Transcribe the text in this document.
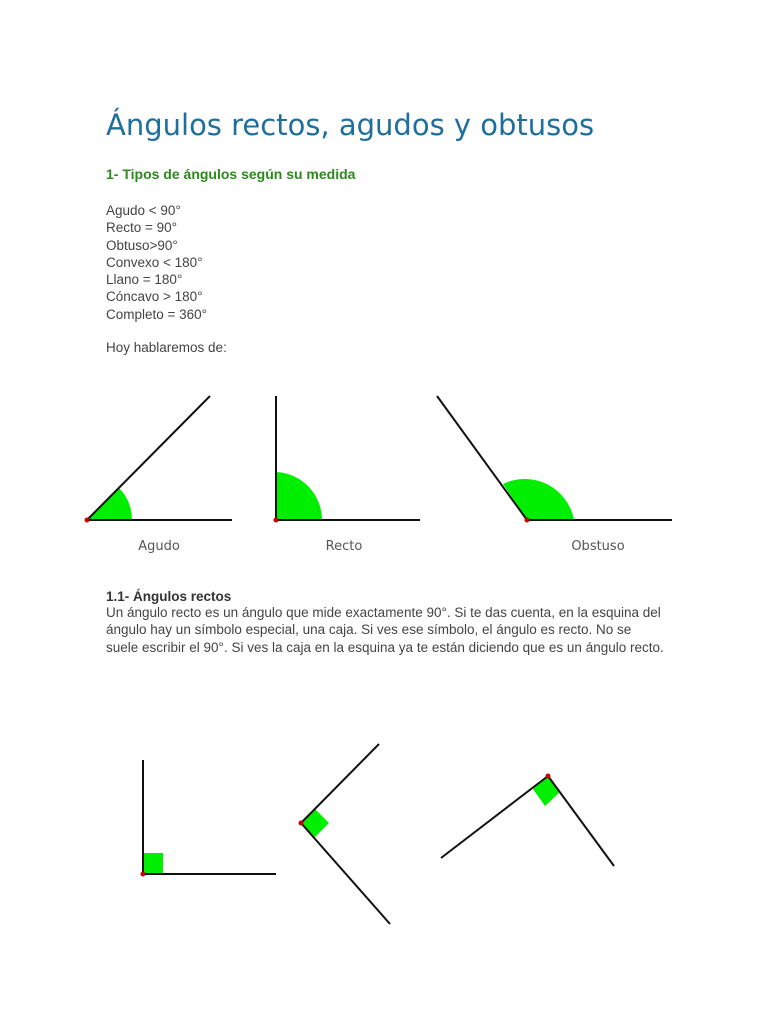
Ángulos rectos, agudos y obtusos
1- Tipos de ángulos según su medida
Agudo < 90°
Recto = 90°
Obtuso>90°
Convexo < 180°
Llano = 180°
Cóncavo > 180°
Completo = 360°

Hoy hablaremos de:

Agudo	Recto	Obstuso
1.1- Ángulos rectos

Un ángulo recto es un ángulo que mide exactamente 90°. Si te das cuenta, en la esquina del ángulo hay un símbolo especial, una caja. Si ves ese símbolo, el ángulo es recto. No se suele escribir el 90°. Si ves la caja en la esquina ya te están diciendo que es un ángulo recto.
